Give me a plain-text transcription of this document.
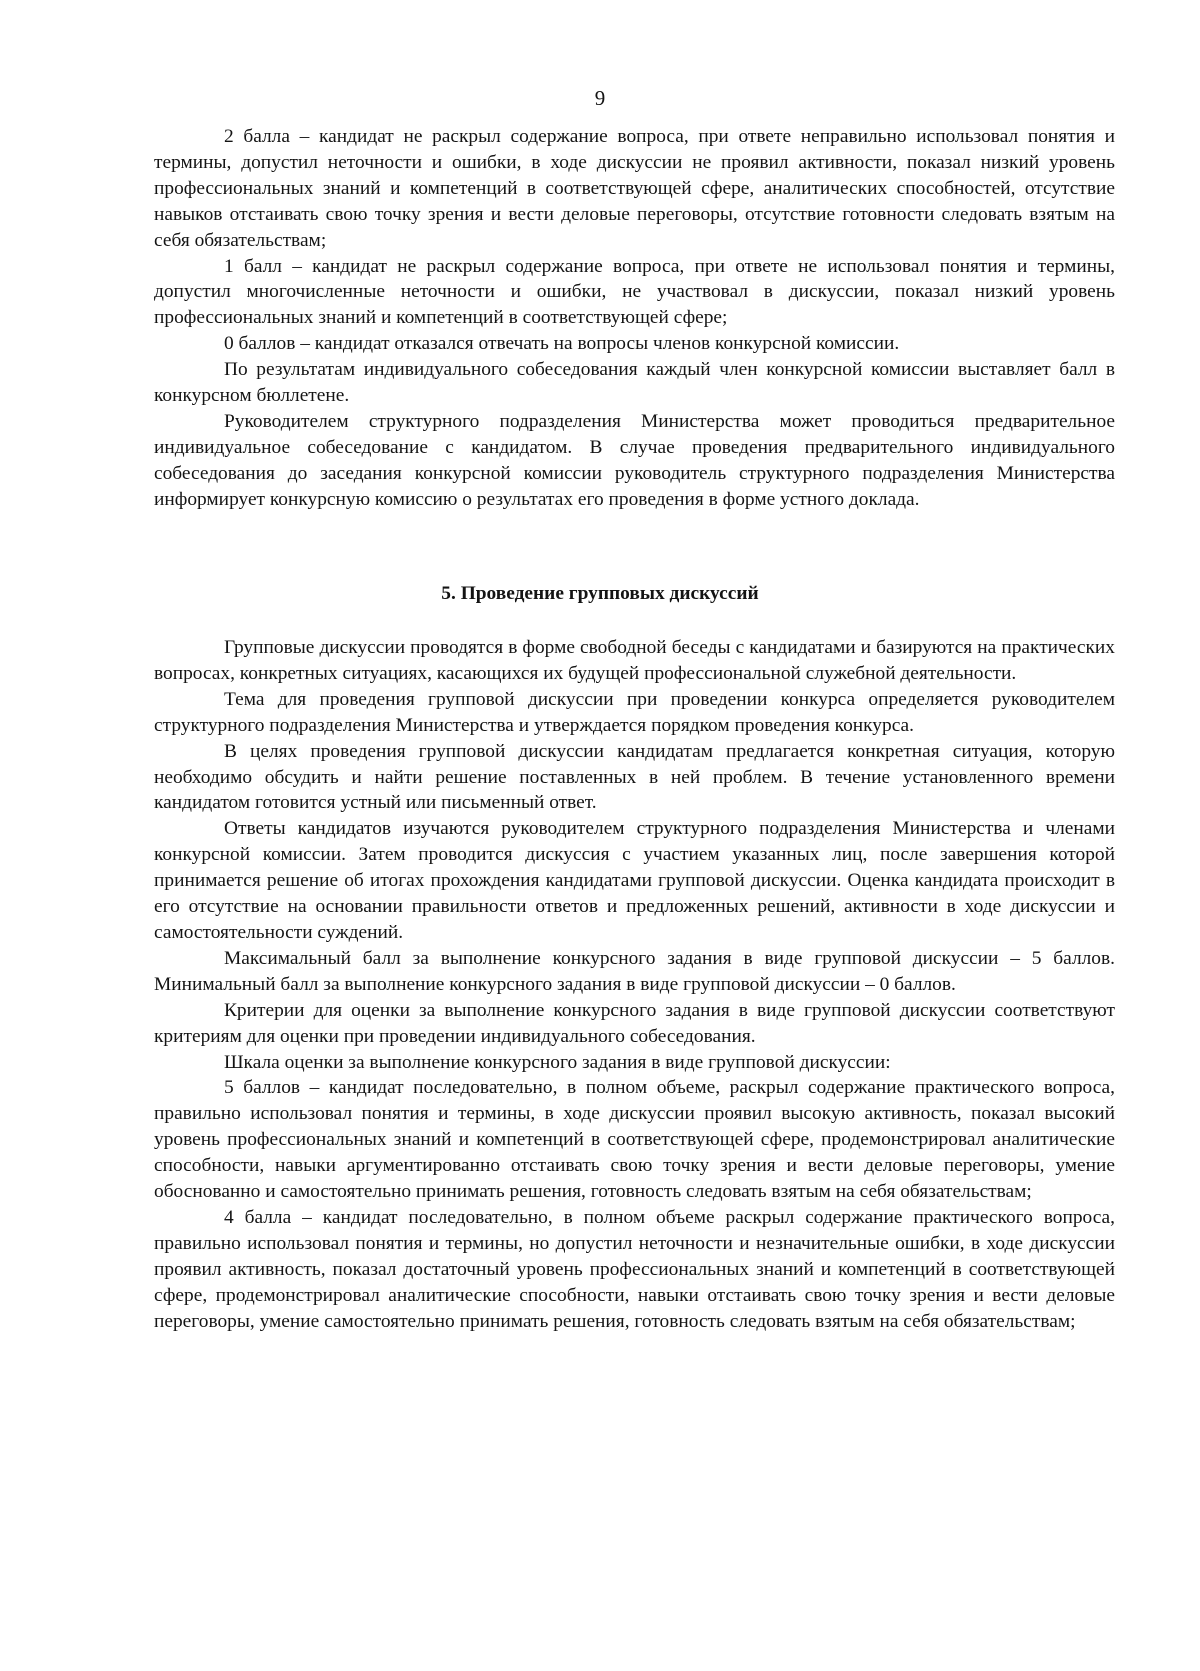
9

2 балла – кандидат не раскрыл содержание вопроса, при ответе неправильно использовал понятия и термины, допустил неточности и ошибки, в ходе дискуссии не проявил активности, показал низкий уровень профессиональных знаний и компетенций в соответствующей сфере, аналитических способностей, отсутствие навыков отстаивать свою точку зрения и вести деловые переговоры, отсутствие готовности следовать взятым на себя обязательствам;

1 балл – кандидат не раскрыл содержание вопроса, при ответе не использовал понятия и термины, допустил многочисленные неточности и ошибки, не участвовал в дискуссии, показал низкий уровень профессиональных знаний и компетенций в соответствующей сфере;

0 баллов – кандидат отказался отвечать на вопросы членов конкурсной комиссии.

По результатам индивидуального собеседования каждый член конкурсной комиссии выставляет балл в конкурсном бюллетене.

Руководителем структурного подразделения Министерства может проводиться предварительное индивидуальное собеседование с кандидатом. В случае проведения предварительного индивидуального собеседования до заседания конкурсной комиссии руководитель структурного подразделения Министерства информирует конкурсную комиссию о результатах его проведения в форме устного доклада.

5. Проведение групповых дискуссий

Групповые дискуссии проводятся в форме свободной беседы с кандидатами и базируются на практических вопросах, конкретных ситуациях, касающихся их будущей профессиональной служебной деятельности.

Тема для проведения групповой дискуссии при проведении конкурса определяется руководителем структурного подразделения Министерства и утверждается порядком проведения конкурса.

В целях проведения групповой дискуссии кандидатам предлагается конкретная ситуация, которую необходимо обсудить и найти решение поставленных в ней проблем. В течение установленного времени кандидатом готовится устный или письменный ответ.

Ответы кандидатов изучаются руководителем структурного подразделения Министерства и членами конкурсной комиссии. Затем проводится дискуссия с участием указанных лиц, после завершения которой принимается решение об итогах прохождения кандидатами групповой дискуссии. Оценка кандидата происходит в его отсутствие на основании правильности ответов и предложенных решений, активности в ходе дискуссии и самостоятельности суждений.

Максимальный балл за выполнение конкурсного задания в виде групповой дискуссии – 5 баллов. Минимальный балл за выполнение конкурсного задания в виде групповой дискуссии – 0 баллов.

Критерии для оценки за выполнение конкурсного задания в виде групповой дискуссии соответствуют критериям для оценки при проведении индивидуального собеседования.

Шкала оценки за выполнение конкурсного задания в виде групповой дискуссии:

5 баллов – кандидат последовательно, в полном объеме, раскрыл содержание практического вопроса, правильно использовал понятия и термины, в ходе дискуссии проявил высокую активность, показал высокий уровень профессиональных знаний и компетенций в соответствующей сфере, продемонстрировал аналитические способности, навыки аргументированно отстаивать свою точку зрения и вести деловые переговоры, умение обоснованно и самостоятельно принимать решения, готовность следовать взятым на себя обязательствам;

4 балла – кандидат последовательно, в полном объеме раскрыл содержание практического вопроса, правильно использовал понятия и термины, но допустил неточности и незначительные ошибки, в ходе дискуссии проявил активность, показал достаточный уровень профессиональных знаний и компетенций в соответствующей сфере, продемонстрировал аналитические способности, навыки отстаивать свою точку зрения и вести деловые переговоры, умение самостоятельно принимать решения, готовность следовать взятым на себя обязательствам;
